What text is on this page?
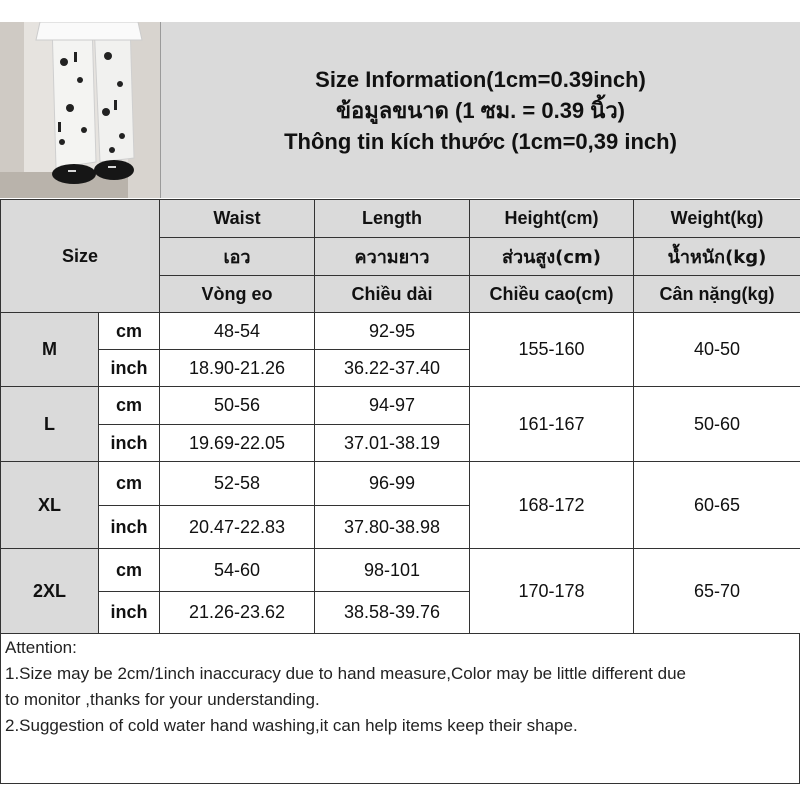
Size Information(1cm=0.39inch)
ข้อมูลขนาด (1 ซม. = 0.39 นิ้ว)
Thông tin kích thước (1cm=0,39 inch)
Size		Waist	Length	Height(cm)	Weight(kg)
		เอว	ความยาว	ส่วนสูง(cm)	น้ำหนัก(kg)
		Vòng eo	Chiều dài	Chiều cao(cm)	Cân nặng(kg)
M	cm	48-54	92-95	155-160	40-50
	inch	18.90-21.26	36.22-37.40		
L	cm	50-56	94-97	161-167	50-60
	inch	19.69-22.05	37.01-38.19		
XL	cm	52-58	96-99	168-172	60-65
	inch	20.47-22.83	37.80-38.98		
2XL	cm	54-60	98-101	170-178	65-70
	inch	21.26-23.62	38.58-39.76		
Attention:
1.Size may be 2cm/1inch inaccuracy due to hand measure,Color may be little different due
to monitor ,thanks for your understanding.
2.Suggestion of cold water hand washing,it can help items keep their shape.
